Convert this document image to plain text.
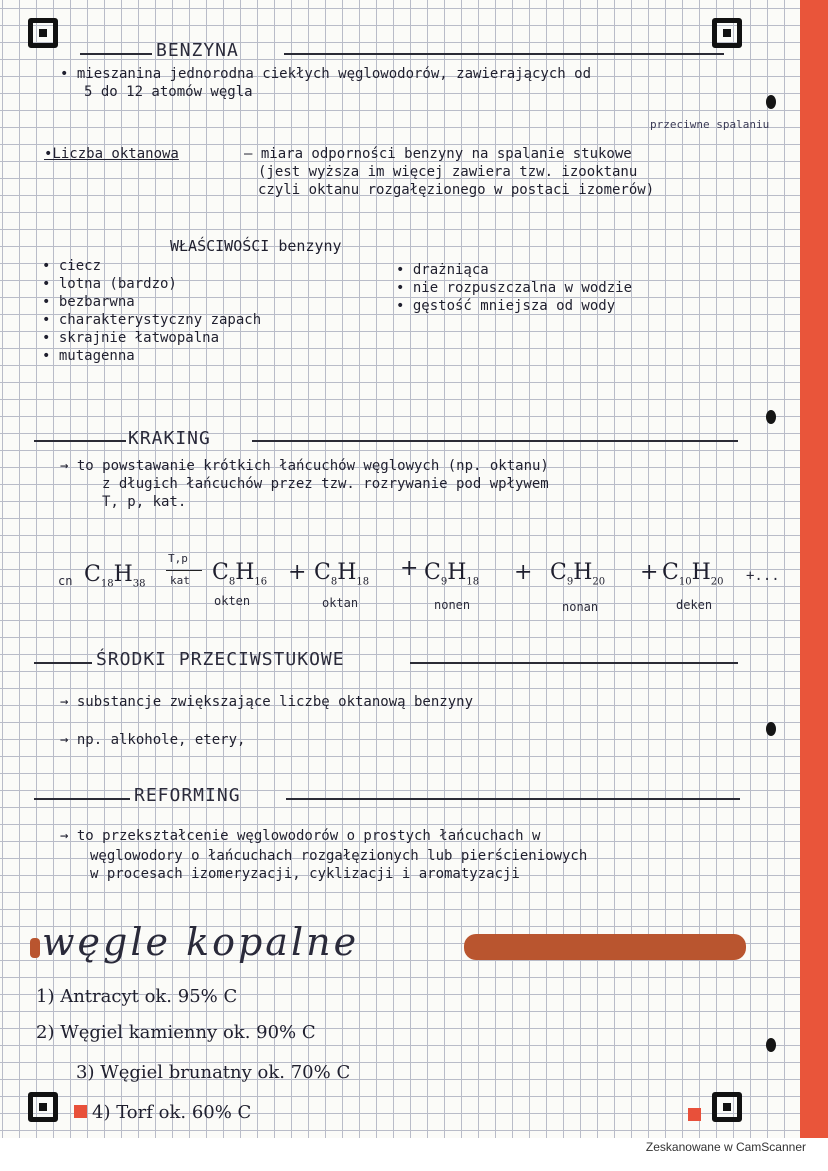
Zeskanowane w CamScanner
BENZYNA
• mieszanina jednorodna ciekłych węglowodorów, zawierających od
5 do 12 atomów węgla
przeciwne spalaniu
•Liczba oktanowa	– miara odporności benzyny na spalanie stukowe
(jest wyższa im więcej zawiera tzw. izooktanu
czyli oktanu rozgałęzionego w postaci izomerów)
WŁAŚCIWOŚCI benzyny
• ciecz
• lotna (bardzo)
• bezbarwna
• charakterystyczny zapach
• skrajnie łatwopalna
• mutagenna
• drażniąca
• nie rozpuszczalna w wodzie
• gęstość mniejsza od wody
KRAKING
→ to powstawanie krótkich łańcuchów węglowych (np. oktanu)
z długich łańcuchów przez tzw. rozrywanie pod wpływem
T, p, kat.
cn $C_{18}H_{38}$
T,p
kat $C_8H_{16} + C_8H_{18}$
+ $C_9H_{18} + C_9H_{20} + C_{10}H_{20}$ +...
okten	oktan	nonen	nonan	deken
ŚRODKI PRZECIWSTUKOWE
→ substancje zwiększające liczbę oktanową benzyny
→ np. alkohole, etery,
REFORMING
→ to przekształcenie węglowodorów o prostych łańcuchach w
węglowodory o łańcuchach rozgałęzionych lub pierścieniowych
w procesach izomeryzacji, cyklizacji i aromatyzacji
węgle kopalne
1) Antracyt ok. 95% C
2) Węgiel kamienny ok. 90% C
3) Węgiel brunatny ok. 70% C
4) Torf ok. 60% C
